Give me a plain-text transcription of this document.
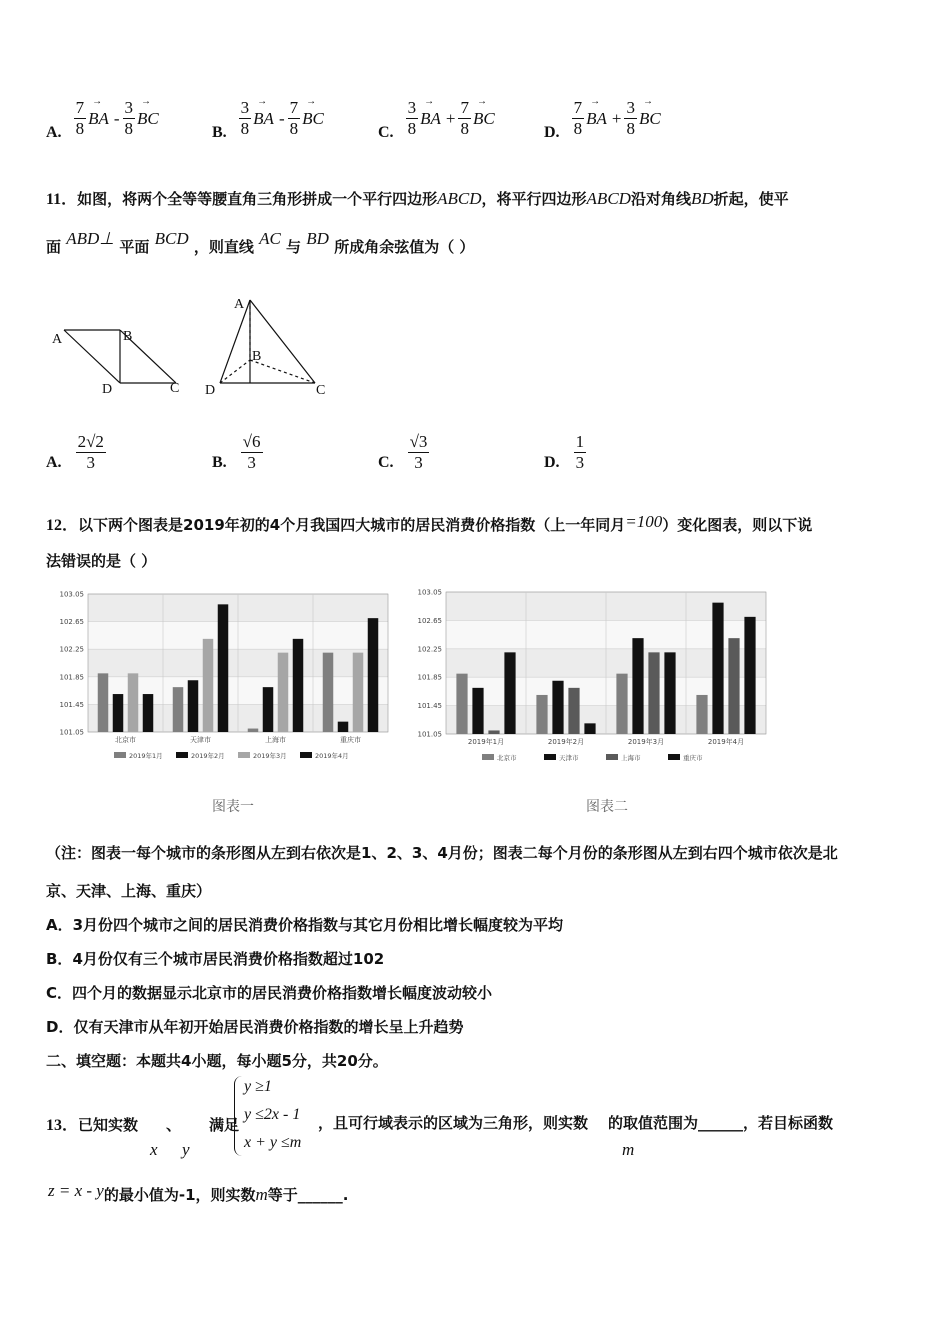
A. $\frac{7}{8}$ → BA - $\frac{3}{8}$ → BC
B. $\frac{3}{8}$ → BA - $\frac{7}{8}$ → BC
C. $\frac{3}{8}$ → BA + $\frac{7}{8}$ → BC
D. $\frac{7}{8}$ → BA + $\frac{3}{8}$ → BC
11．如图，将两个全等等腰直角三角形拼成一个平行四边形ABCD，将平行四边形ABCD沿对角线BD折起，使平
面 ABD⊥ 平面 BCD ，则直线 AC 与 BD 所成角余弦值为（ ）
A	B
C
D
A
B
C
D
A. $\frac{2√2}{3}$	B. $\frac{√6}{3}$	C. $\frac{√3}{3}$	D. $\frac{1}{3}$
12．以下两个图表是2019年初的4个月我国四大城市的居民消费价格指数（上一年同月=100）变化图表，则以下说
法错误的是（ ）
103.05
102.65
102.25
101.85
101.45
101.05
北京市	天津市	上海市	重庆市
2019年1月	2019年2月	2019年3月	2019年4月
103.05
102.65
102.25
101.85
101.45
101.05
2019年1月	2019年2月	2019年3月	2019年4月
北京市	天津市	上海市	重庆市
图表一	图表二
（注：图表一每个城市的条形图从左到右依次是1、2、3、4月份；图表二每个月份的条形图从左到右四个城市依次是北
京、天津、上海、重庆）
A．3月份四个城市之间的居民消费价格指数与其它月份相比增长幅度较为平均
B．4月份仅有三个城市居民消费价格指数超过102
C．四个月的数据显示北京市的居民消费价格指数增长幅度波动较小
D．仅有天津市从年初开始居民消费价格指数的增长呈上升趋势
二、填空题：本题共4小题，每小题5分，共20分。
13．已知实数 、 满足
x y
y ≥1
y ≤2x - 1
x + y ≤m
，且可行域表示的区域为三角形，则实数 的取值范围为______，若目标函数
m
z = x - y的最小值为-1，则实数m等于______.
